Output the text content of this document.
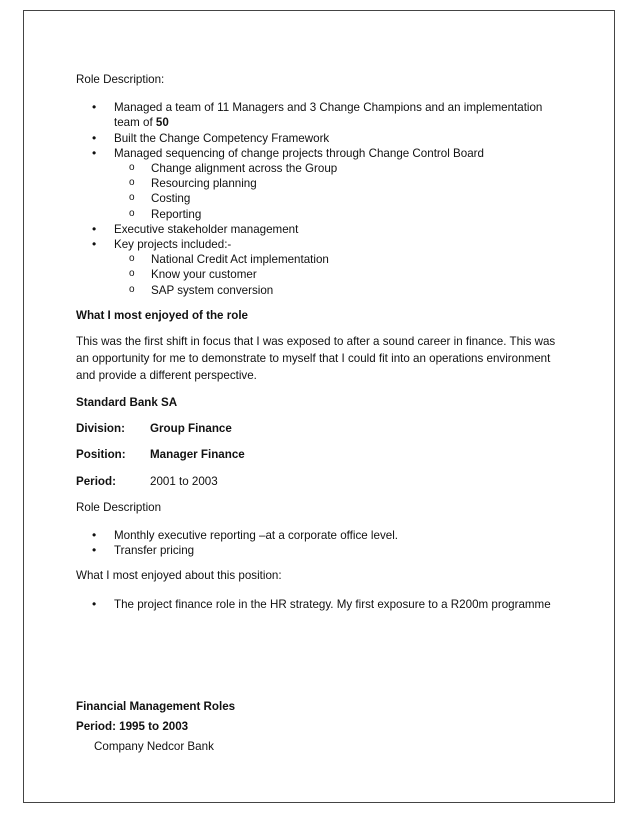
Role Description:

• Managed a team of 11 Managers and 3 Change Champions and an implementation team of 50
• Built the Change Competency Framework
• Managed sequencing of change projects through Change Control Board
o Change alignment across the Group
o Resourcing planning
o Costing
o Reporting
• Executive stakeholder management
• Key projects included:-
o National Credit Act implementation
o Know your customer
o SAP system conversion

What I most enjoyed of the role

This was the first shift in focus that I was exposed to after a sound career in finance. This was an opportunity for me to demonstrate to myself that I could fit into an operations environment and provide a different perspective.

Standard Bank SA

Division:	Group Finance
Position:	Manager Finance
Period:	2001 to 2003

Role Description

• Monthly executive reporting –at a corporate office level.
• Transfer pricing

What I most enjoyed about this position:

• The project finance role in the HR strategy. My first exposure to a R200m programme

Financial Management Roles

Period: 1995 to 2003

Company Nedcor Bank
